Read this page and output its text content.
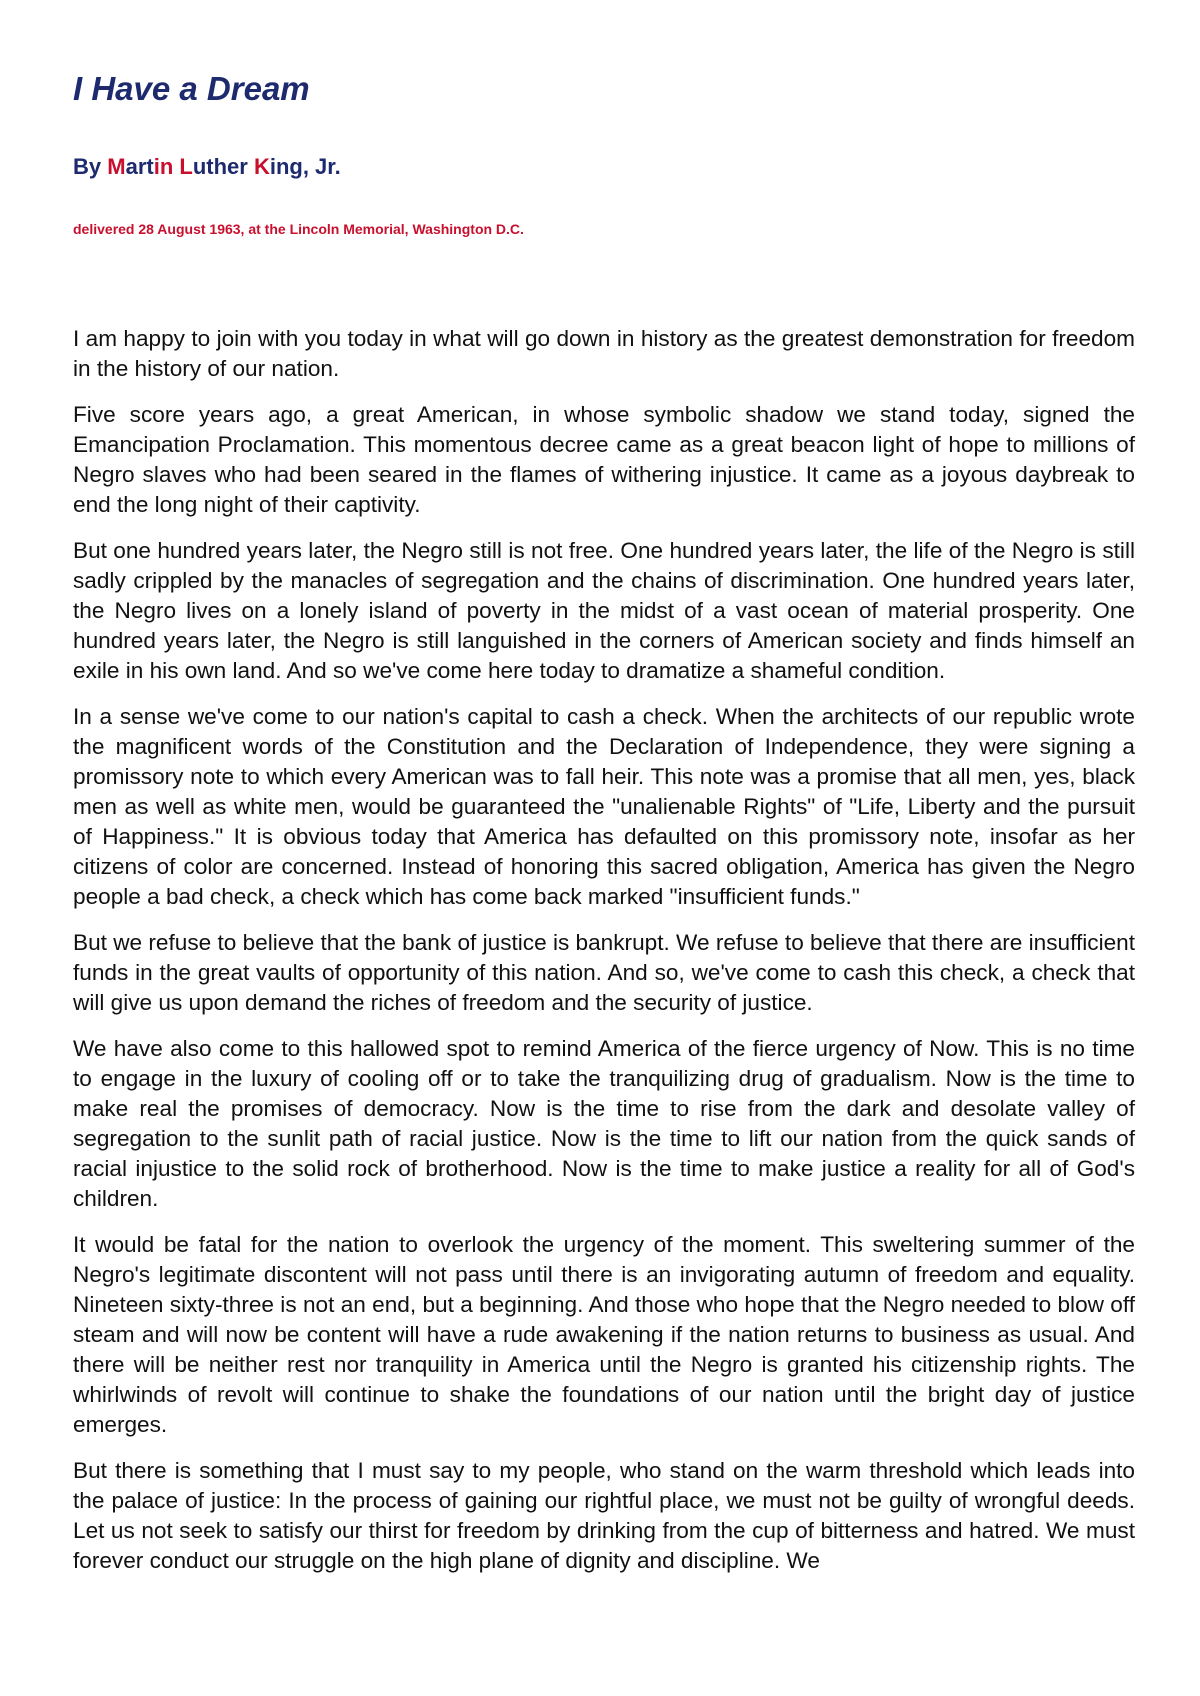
I Have a Dream
By Martin Luther King, Jr.
delivered 28 August 1963, at the Lincoln Memorial, Washington D.C.

I am happy to join with you today in what will go down in history as the greatest demonstration for freedom in the history of our nation.

Five score years ago, a great American, in whose symbolic shadow we stand today, signed the Emancipation Proclamation. This momentous decree came as a great beacon light of hope to millions of Negro slaves who had been seared in the flames of withering injustice. It came as a joyous daybreak to end the long night of their captivity.

But one hundred years later, the Negro still is not free. One hundred years later, the life of the Negro is still sadly crippled by the manacles of segregation and the chains of discrimination. One hundred years later, the Negro lives on a lonely island of poverty in the midst of a vast ocean of material prosperity. One hundred years later, the Negro is still languished in the corners of American society and finds himself an exile in his own land. And so we've come here today to dramatize a shameful condition.

In a sense we've come to our nation's capital to cash a check. When the architects of our republic wrote the magnificent words of the Constitution and the Declaration of Independence, they were signing a promissory note to which every American was to fall heir. This note was a promise that all men, yes, black men as well as white men, would be guaranteed the "unalienable Rights" of "Life, Liberty and the pursuit of Happiness." It is obvious today that America has defaulted on this promissory note, insofar as her citizens of color are concerned. Instead of honoring this sacred obligation, America has given the Negro people a bad check, a check which has come back marked "insufficient funds."

But we refuse to believe that the bank of justice is bankrupt. We refuse to believe that there are insufficient funds in the great vaults of opportunity of this nation. And so, we've come to cash this check, a check that will give us upon demand the riches of freedom and the security of justice.

We have also come to this hallowed spot to remind America of the fierce urgency of Now. This is no time to engage in the luxury of cooling off or to take the tranquilizing drug of gradualism. Now is the time to make real the promises of democracy. Now is the time to rise from the dark and desolate valley of segregation to the sunlit path of racial justice. Now is the time to lift our nation from the quick sands of racial injustice to the solid rock of brotherhood. Now is the time to make justice a reality for all of God's children.

It would be fatal for the nation to overlook the urgency of the moment. This sweltering summer of the Negro's legitimate discontent will not pass until there is an invigorating autumn of freedom and equality. Nineteen sixty-three is not an end, but a beginning. And those who hope that the Negro needed to blow off steam and will now be content will have a rude awakening if the nation returns to business as usual. And there will be neither rest nor tranquility in America until the Negro is granted his citizenship rights. The whirlwinds of revolt will continue to shake the foundations of our nation until the bright day of justice emerges.

But there is something that I must say to my people, who stand on the warm threshold which leads into the palace of justice: In the process of gaining our rightful place, we must not be guilty of wrongful deeds. Let us not seek to satisfy our thirst for freedom by drinking from the cup of bitterness and hatred. We must forever conduct our struggle on the high plane of dignity and discipline. We
